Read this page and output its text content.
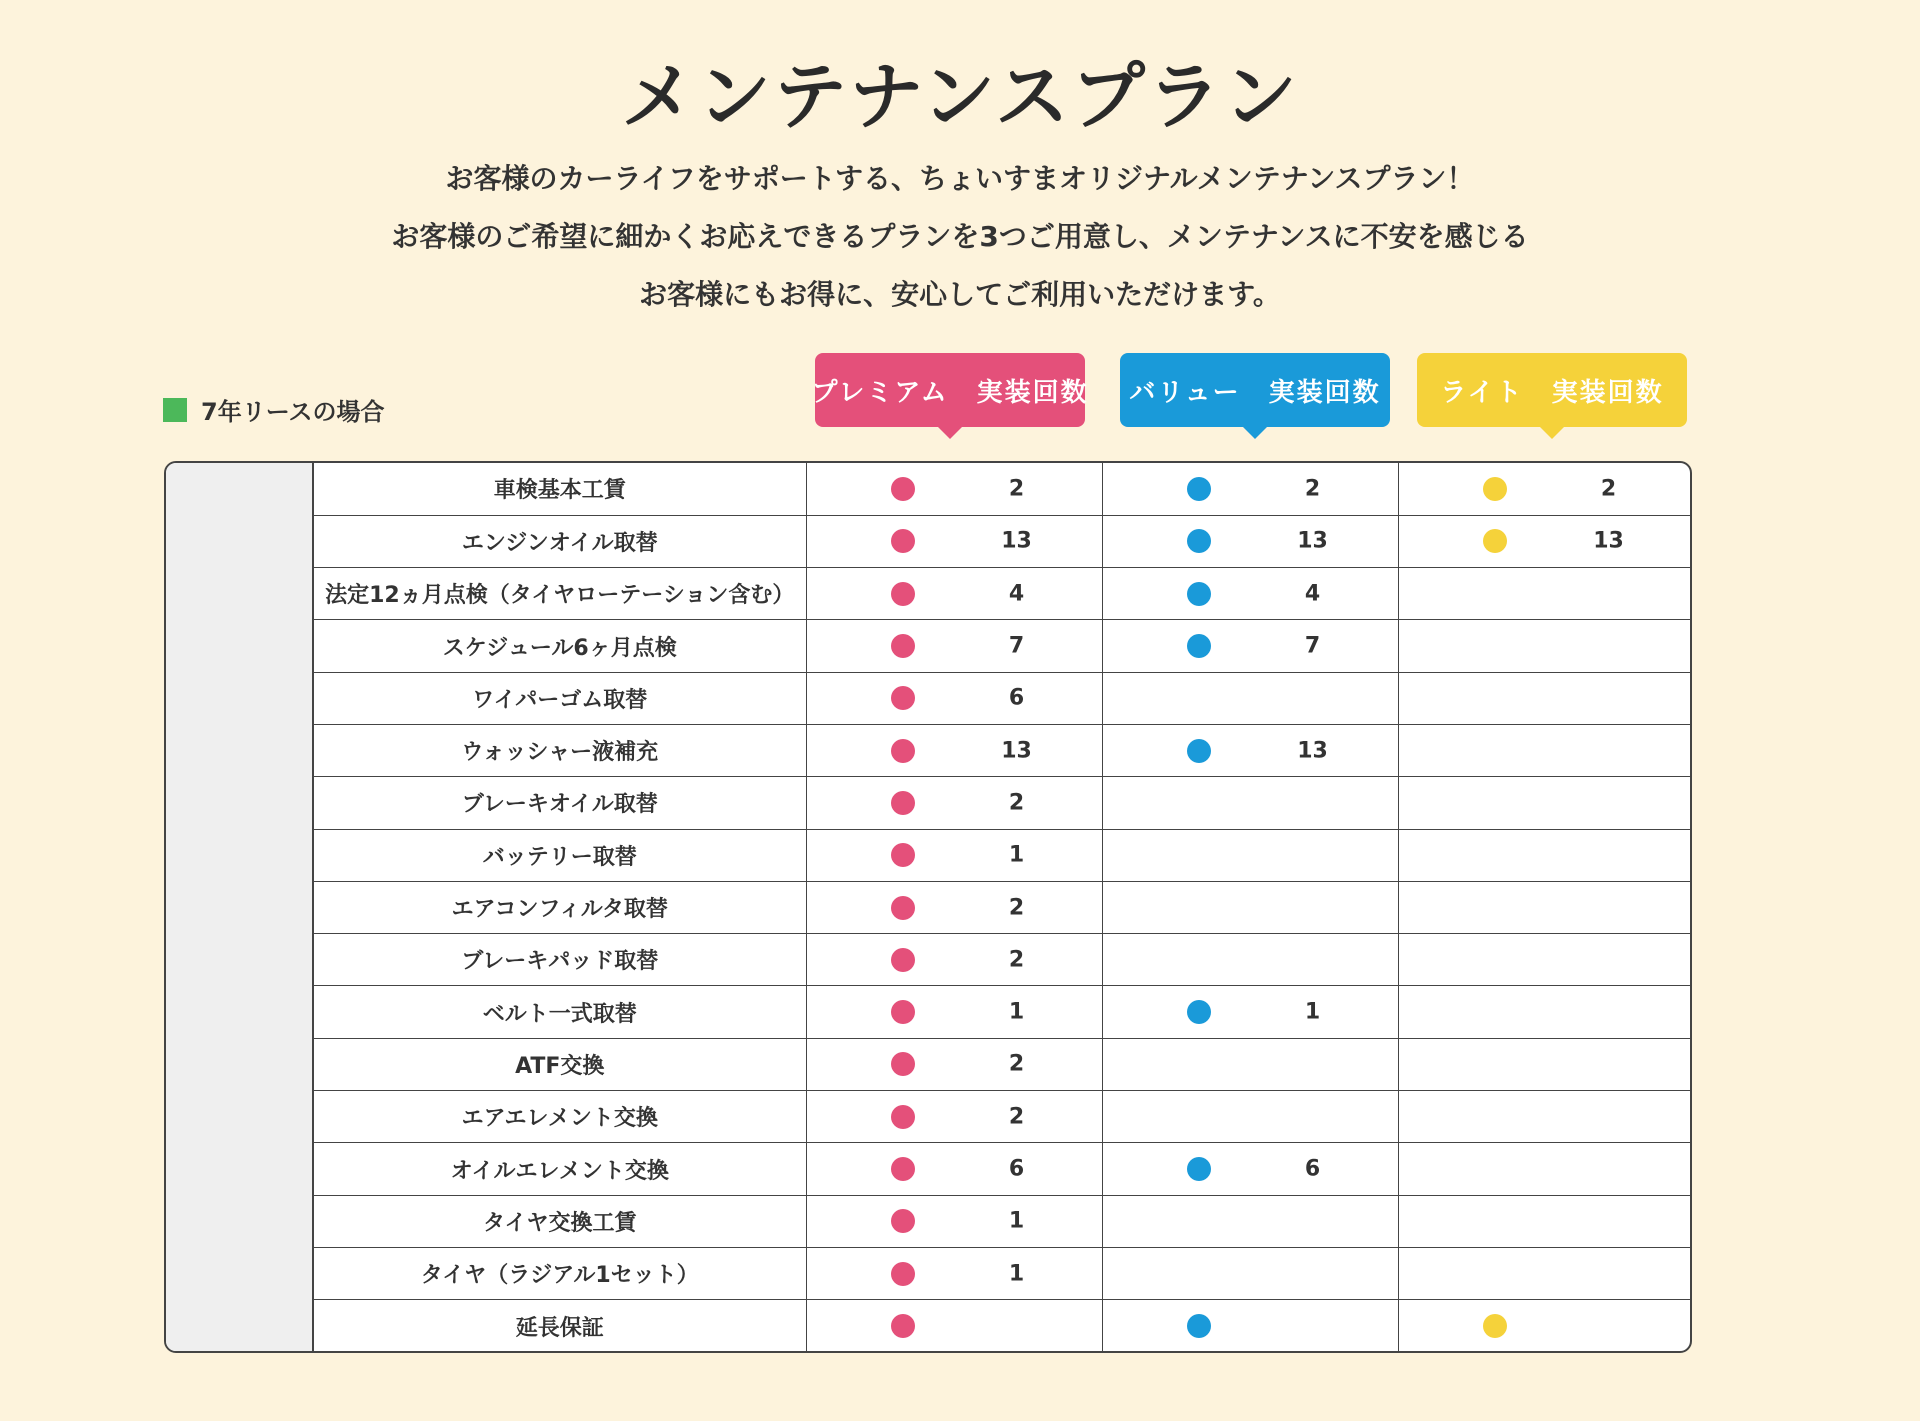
メンテナンスプラン

お客様のカーライフをサポートする、ちょいすまオリジナルメンテナンスプラン！

お客様のご希望に細かくお応えできるプランを3つご用意し、メンテナンスに不安を感じる

お客様にもお得に、安心してご利用いただけます。

7年リースの場合
プレミアム　実装回数	バリュー　実装回数	ライト　実装回数
車検基本工賃	2	2	2

エンジンオイル取替	13	13	13

法定12ヵ月点検（タイヤローテーション含む）	4	4	

スケジュール6ヶ月点検	7	7	

ワイパーゴム取替	6		

ウォッシャー液補充	13	13	

ブレーキオイル取替	2		

バッテリー取替	1		

エアコンフィルタ取替	2		

ブレーキパッド取替	2		

ベルト一式取替	1	1	

ATF交換	2		

エアエレメント交換	2		

オイルエレメント交換	6	6	

タイヤ交換工賃	1		

タイヤ（ラジアル1セット）	1		

延長保証	
